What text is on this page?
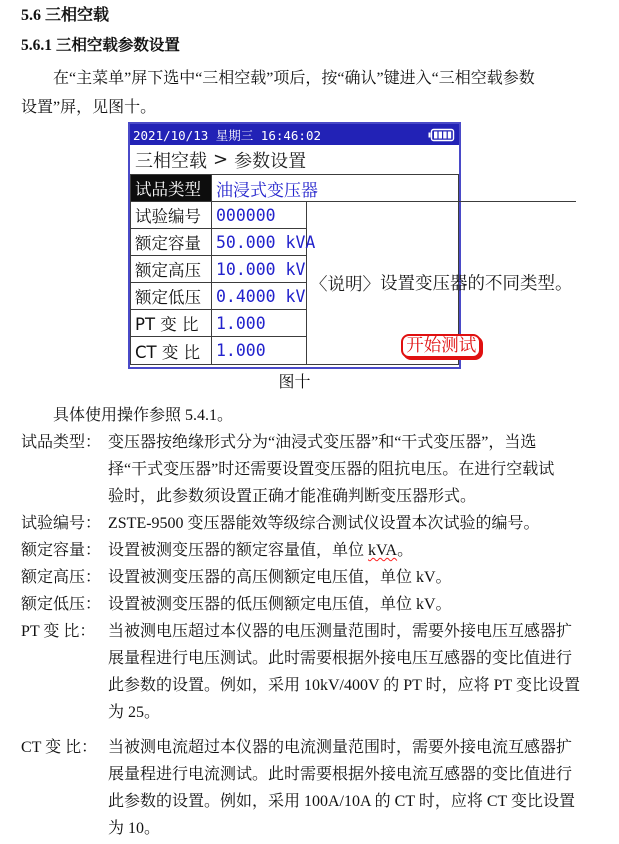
5.6 三相空载
5.6.1 三相空载参数设置
在“主菜单”屏下选中“三相空载”项后，按“确认”键进入“三相空载参数
设置”屏，见图十。
2021/10/13 星期三 16:46:02
三相空载 > 参数设置
〈说明〉 设置变压器的不同类型。
开始测试
试品类型 油浸式变压器
试验编号 000000
额定容量 50.000 kVA
额定高压 10.000 kV
额定低压 0.4000 kV
PT 变 比	1.000
CT 变 比 1.000
图十
具体使用操作参照 5.4.1。
试品类型： 变压器按绝缘形式分为“油浸式变压器”和“干式变压器”，当选
择“干式变压器”时还需要设置变压器的阻抗电压。在进行空载试
验时，此参数须设置正确才能准确判断变压器形式。
试验编号： ZSTE-9500 变压器能效等级综合测试仪设置本次试验的编号。
额定容量： 设置被测变压器的额定容量值，单位 kVA。
额定高压： 设置被测变压器的高压侧额定电压值，单位 kV。
额定低压： 设置被测变压器的低压侧额定电压值，单位 kV。
PT 变 比： 当被测电压超过本仪器的电压测量范围时，需要外接电压互感器扩
展量程进行电压测试。此时需要根据外接电压互感器的变比值进行
此参数的设置。例如，采用 10kV/400V 的 PT 时，应将 PT 变比设置
为 25。
CT 变 比： 当被测电流超过本仪器的电流测量范围时，需要外接电流互感器扩
展量程进行电流测试。此时需要根据外接电流互感器的变比值进行
此参数的设置。例如，采用 100A/10A 的 CT 时，应将 CT 变比设置
为 10。
